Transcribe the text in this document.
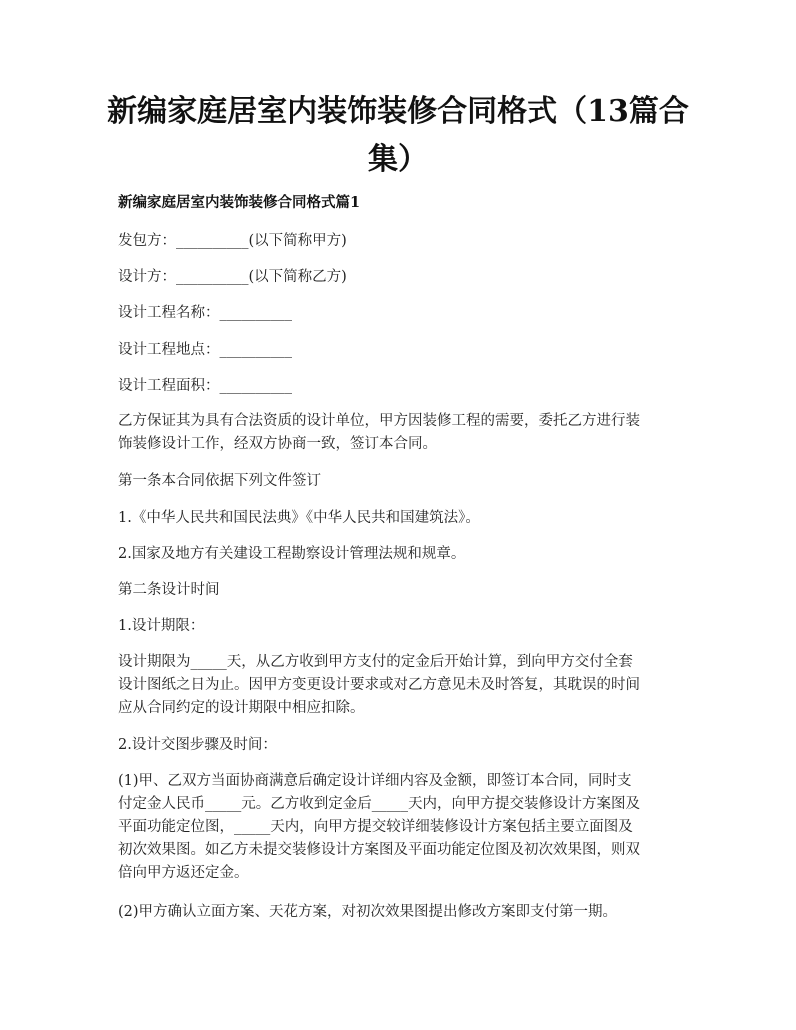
新编家庭居室内装饰装修合同格式（13篇合
集）

新编家庭居室内装饰装修合同格式篇1

发包方：__________(以下简称甲方)

设计方：__________(以下简称乙方)

设计工程名称：__________

设计工程地点：__________

设计工程面积：__________

乙方保证其为具有合法资质的设计单位，甲方因装修工程的需要，委托乙方进行装

饰装修设计工作，经双方协商一致，签订本合同。

第一条本合同依据下列文件签订

1.《中华人民共和国民法典》《中华人民共和国建筑法》。

2.国家及地方有关建设工程勘察设计管理法规和规章。

第二条设计时间

1.设计期限：

设计期限为_____天，从乙方收到甲方支付的定金后开始计算，到向甲方交付全套

设计图纸之日为止。因甲方变更设计要求或对乙方意见未及时答复，其耽误的时间

应从合同约定的设计期限中相应扣除。

2.设计交图步骤及时间：

(1)甲、乙双方当面协商满意后确定设计详细内容及金额，即签订本合同，同时支

付定金人民币_____元。乙方收到定金后_____天内，向甲方提交装修设计方案图及

平面功能定位图，_____天内，向甲方提交较详细装修设计方案包括主要立面图及

初次效果图。如乙方未提交装修设计方案图及平面功能定位图及初次效果图，则双

倍向甲方返还定金。

(2)甲方确认立面方案、天花方案，对初次效果图提出修改方案即支付第一期。
